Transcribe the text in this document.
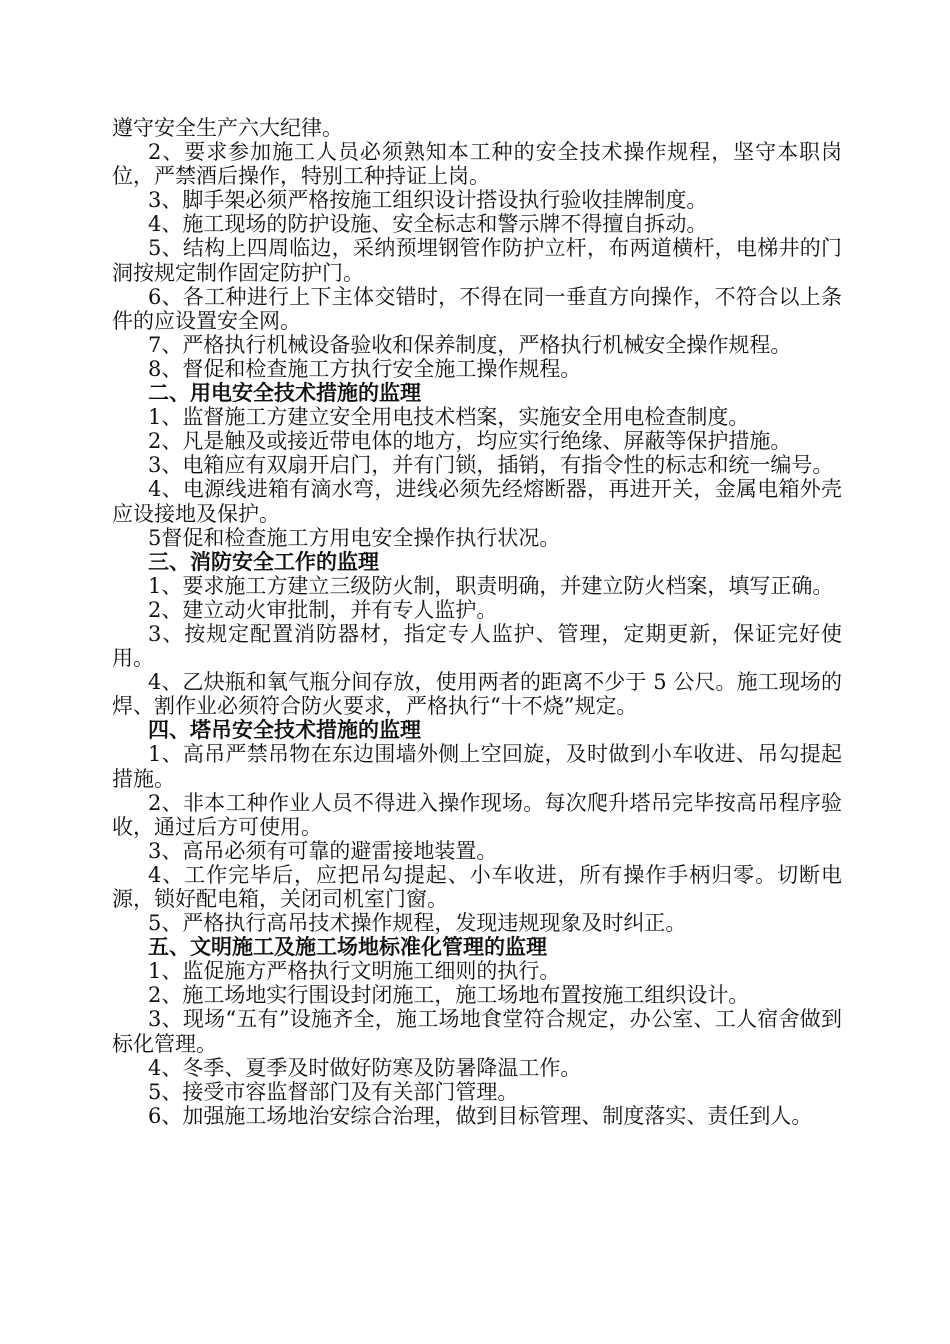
遵守安全生产六大纪律。

2、要求参加施工人员必须熟知本工种的安全技术操作规程，坚守本职岗位，严禁酒后操作，特别工种持证上岗。

3、脚手架必须严格按施工组织设计搭设执行验收挂牌制度。

4、施工现场的防护设施、安全标志和警示牌不得擅自拆动。

5、结构上四周临边，采纳预埋钢管作防护立杆，布两道横杆，电梯井的门洞按规定制作固定防护门。

6、各工种进行上下主体交错时，不得在同一垂直方向操作，不符合以上条件的应设置安全网。

7、严格执行机械设备验收和保养制度，严格执行机械安全操作规程。

8、督促和检查施工方执行安全施工操作规程。

二、用电安全技术措施的监理

1、监督施工方建立安全用电技术档案，实施安全用电检查制度。

2、凡是触及或接近带电体的地方，均应实行绝缘、屏蔽等保护措施。

3、电箱应有双扇开启门，并有门锁，插销，有指令性的标志和统一编号。

4、电源线进箱有滴水弯，进线必须先经熔断器，再进开关，金属电箱外壳应设接地及保护。

5督促和检查施工方用电安全操作执行状况。

三、消防安全工作的监理

1、要求施工方建立三级防火制，职责明确，并建立防火档案，填写正确。

2、建立动火审批制，并有专人监护。

3、按规定配置消防器材，指定专人监护、管理，定期更新，保证完好使用。

4、乙炔瓶和氧气瓶分间存放，使用两者的距离不少于 5 公尺。施工现场的焊、割作业必须符合防火要求，严格执行“十不烧”规定。

四、塔吊安全技术措施的监理

1、高吊严禁吊物在东边围墙外侧上空回旋，及时做到小车收进、吊勾提起措施。

2、非本工种作业人员不得进入操作现场。每次爬升塔吊完毕按高吊程序验收，通过后方可使用。

3、高吊必须有可靠的避雷接地装置。

4、工作完毕后，应把吊勾提起、小车收进，所有操作手柄归零。切断电源，锁好配电箱，关闭司机室门窗。

5、严格执行高吊技术操作规程，发现违规现象及时纠正。

五、文明施工及施工场地标准化管理的监理

1、监促施方严格执行文明施工细则的执行。

2、施工场地实行围设封闭施工，施工场地布置按施工组织设计。

3、现场“五有”设施齐全，施工场地食堂符合规定，办公室、工人宿舍做到标化管理。

4、冬季、夏季及时做好防寒及防暑降温工作。

5、接受市容监督部门及有关部门管理。

6、加强施工场地治安综合治理，做到目标管理、制度落实、责任到人。
